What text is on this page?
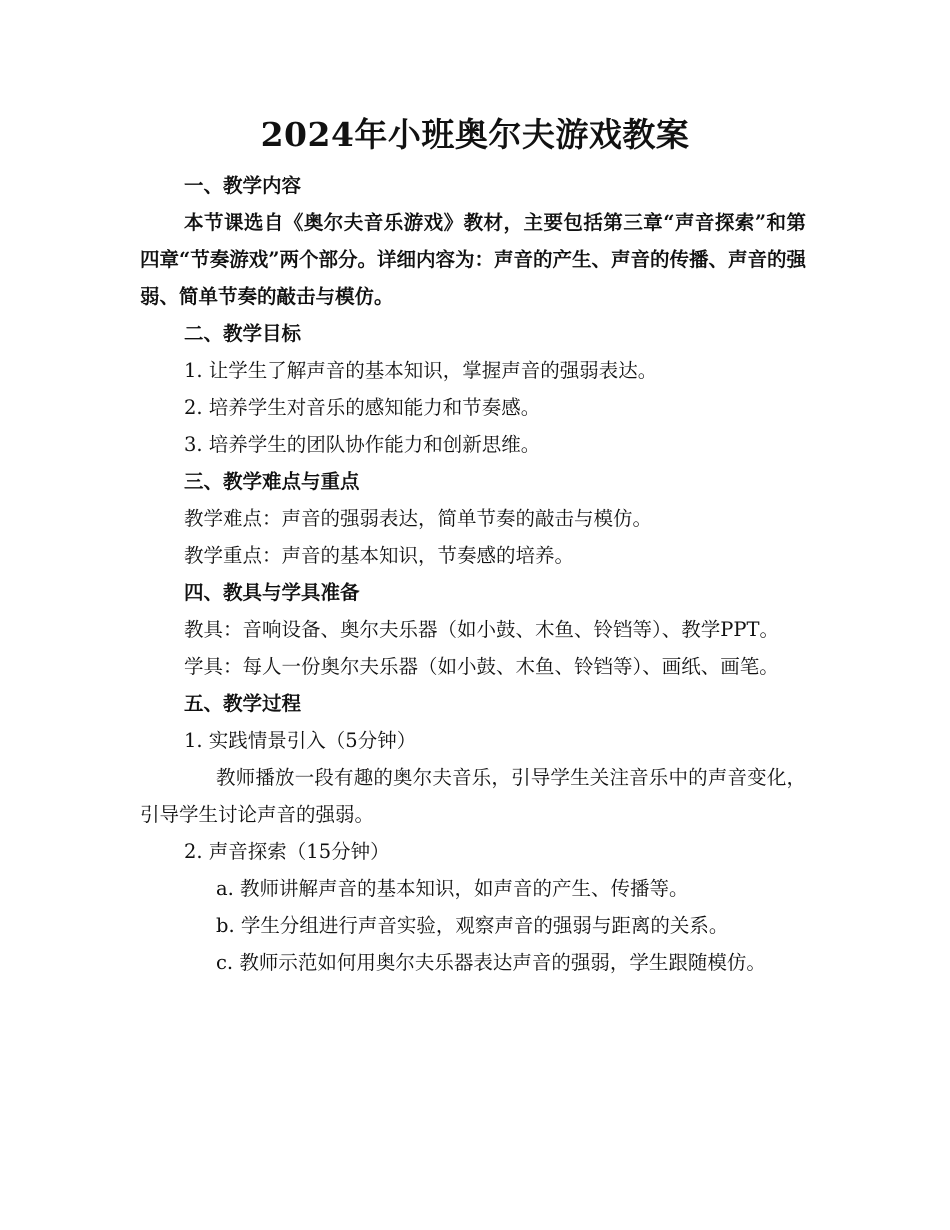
2024年小班奥尔夫游戏教案

一、教学内容

本节课选自《奥尔夫音乐游戏》教材，主要包括第三章“声音探索”和第四章“节奏游戏”两个部分。详细内容为：声音的产生、声音的传播、声音的强弱、简单节奏的敲击与模仿。

二、教学目标

1. 让学生了解声音的基本知识，掌握声音的强弱表达。

2. 培养学生对音乐的感知能力和节奏感。

3. 培养学生的团队协作能力和创新思维。

三、教学难点与重点

教学难点：声音的强弱表达，简单节奏的敲击与模仿。

教学重点：声音的基本知识，节奏感的培养。

四、教具与学具准备

教具：音响设备、奥尔夫乐器（如小鼓、木鱼、铃铛等）、教学PPT。

学具：每人一份奥尔夫乐器（如小鼓、木鱼、铃铛等）、画纸、画笔。

五、教学过程

1. 实践情景引入（5分钟）

教师播放一段有趣的奥尔夫音乐，引导学生关注音乐中的声音变化，引导学生讨论声音的强弱。

2. 声音探索（15分钟）

a. 教师讲解声音的基本知识，如声音的产生、传播等。

b. 学生分组进行声音实验，观察声音的强弱与距离的关系。

c. 教师示范如何用奥尔夫乐器表达声音的强弱，学生跟随模仿。
